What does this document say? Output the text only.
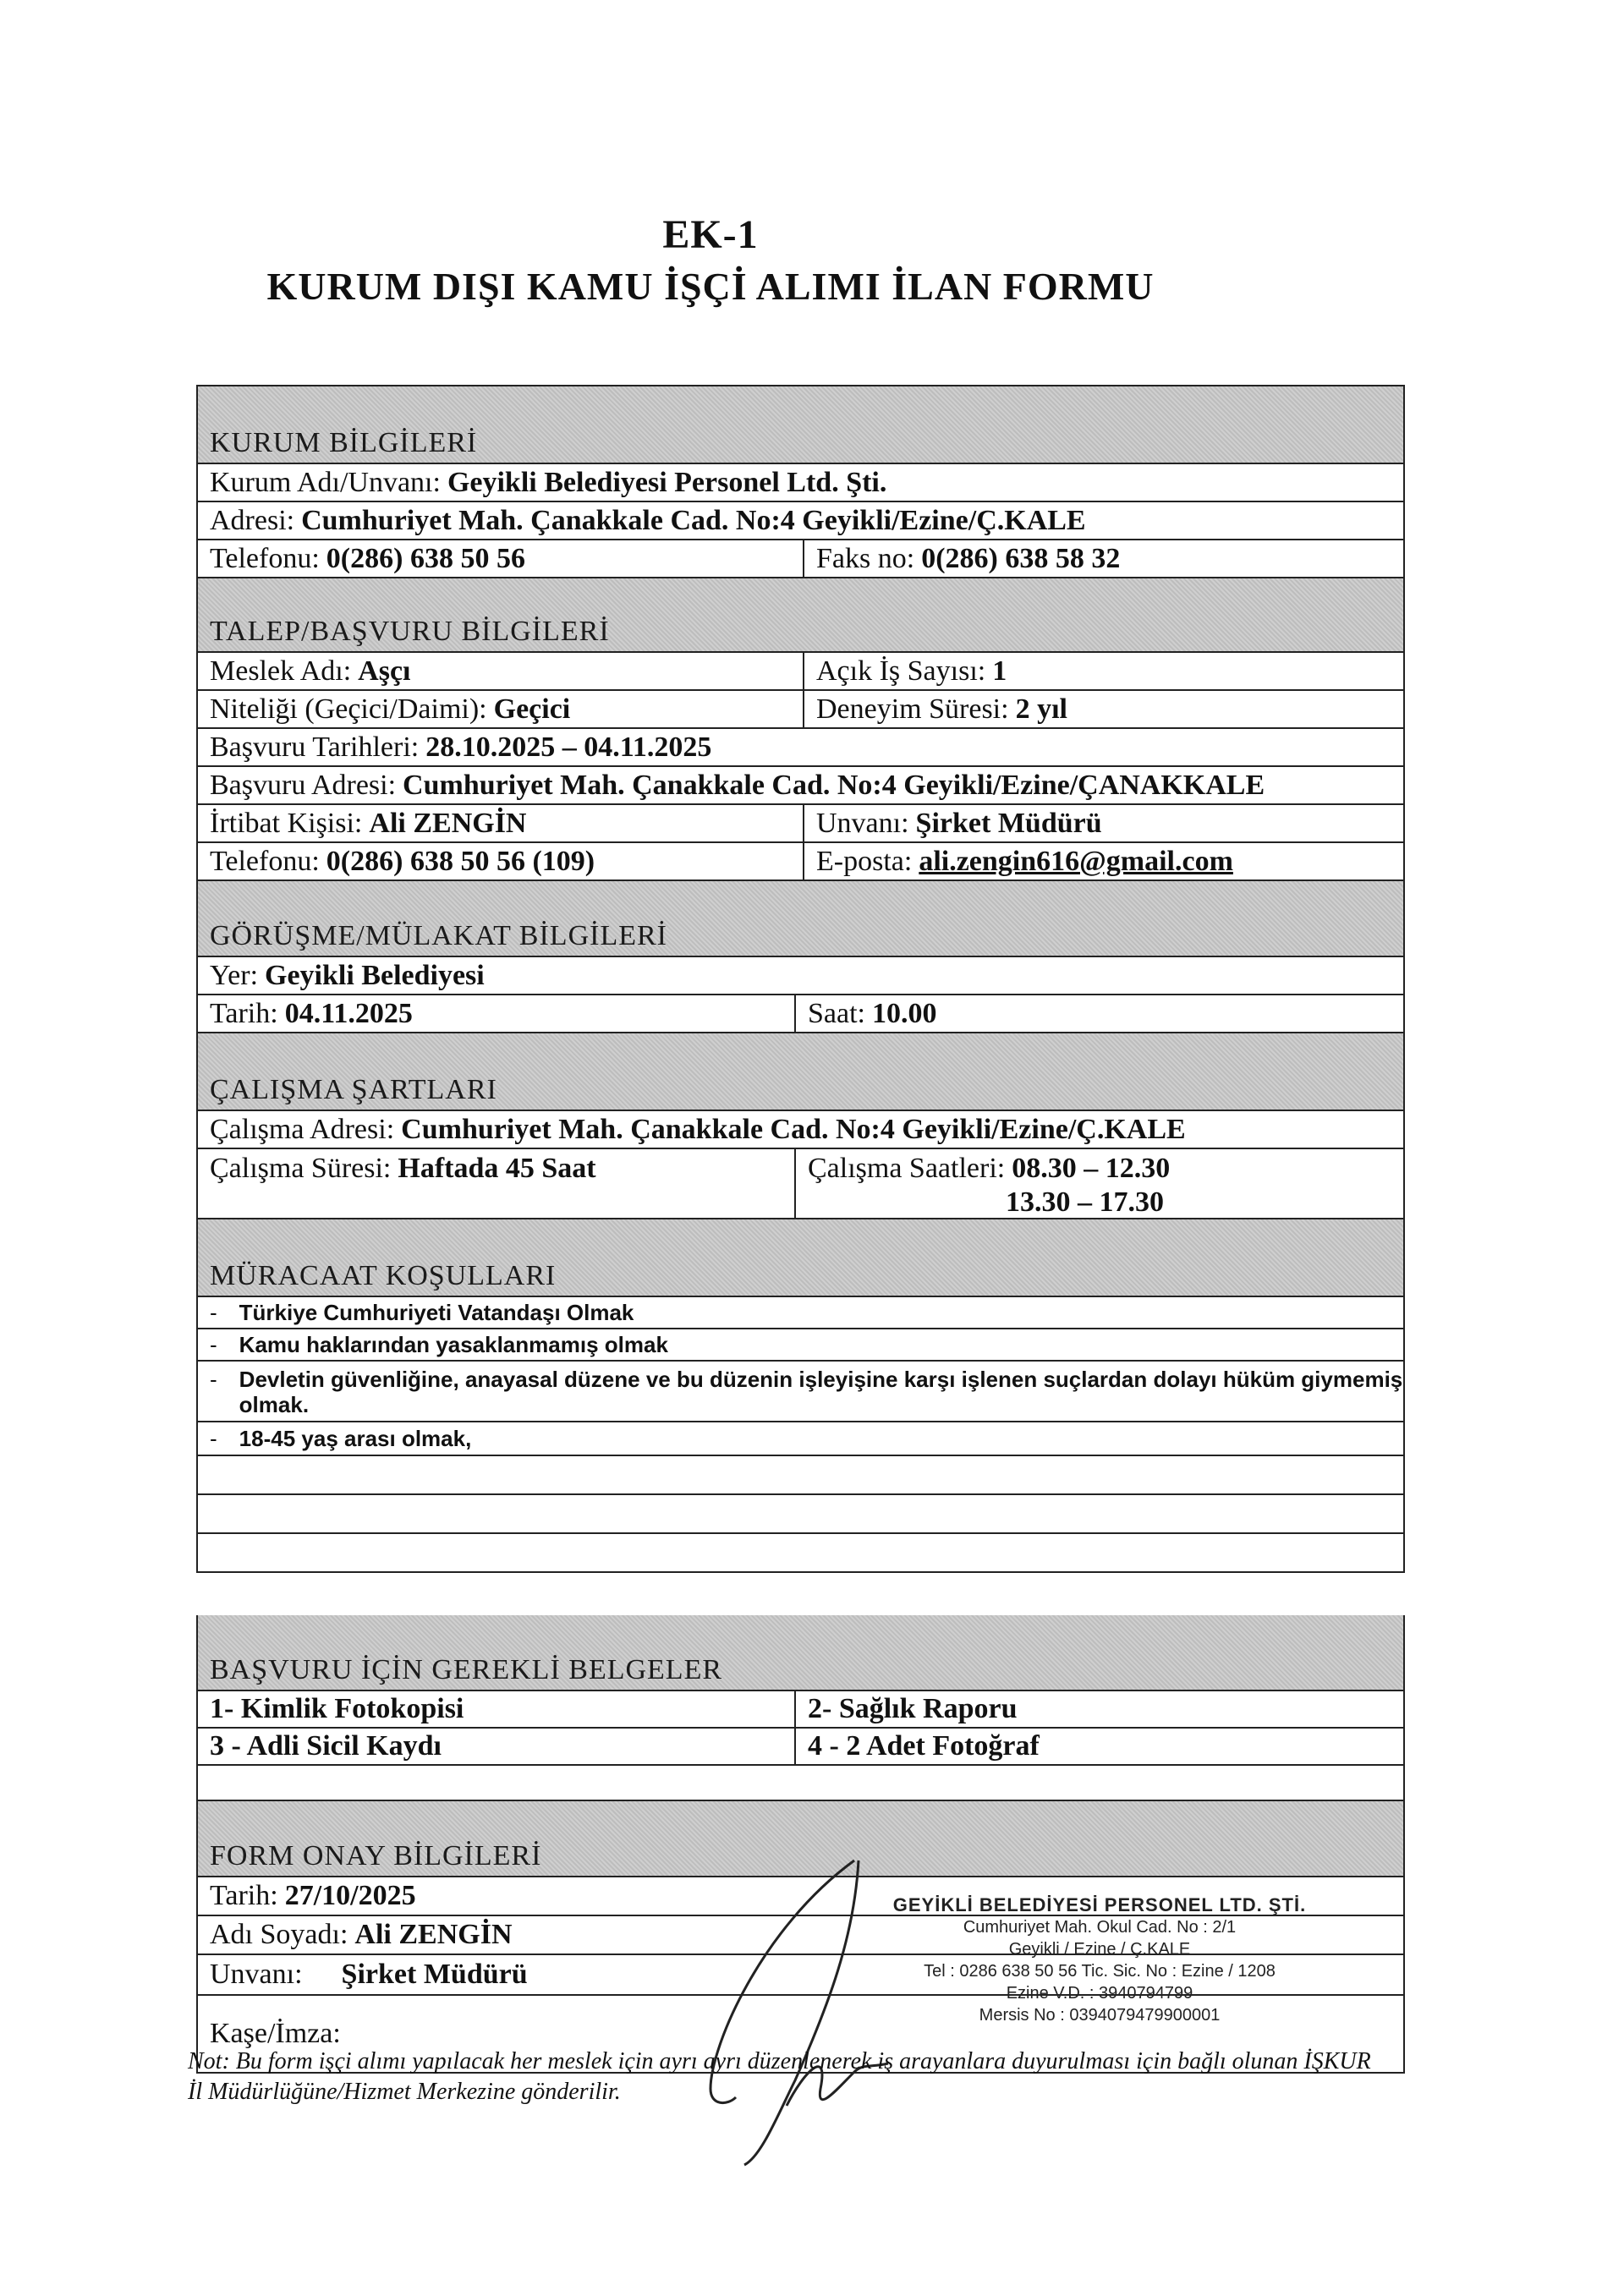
EK-1
KURUM DIŞI KAMU İŞÇİ ALIMI İLAN FORMU
KURUM BİLGİLERİ
Kurum Adı/Unvanı: Geyikli Belediyesi Personel Ltd. Şti.
Adresi: Cumhuriyet Mah. Çanakkale Cad. No:4 Geyikli/Ezine/Ç.KALE
Telefonu: 0(286) 638 50 56	Faks no: 0(286) 638 58 32
TALEP/BAŞVURU BİLGİLERİ
Meslek Adı: Aşçı	Açık İş Sayısı: 1
Niteliği (Geçici/Daimi): Geçici	Deneyim Süresi: 2 yıl
Başvuru Tarihleri: 28.10.2025 – 04.11.2025
Başvuru Adresi: Cumhuriyet Mah. Çanakkale Cad. No:4 Geyikli/Ezine/ÇANAKKALE
İrtibat Kişisi: Ali ZENGİN	Unvanı: Şirket Müdürü
Telefonu: 0(286) 638 50 56 (109)	E-posta: ali.zengin616@gmail.com
GÖRÜŞME/MÜLAKAT BİLGİLERİ
Yer: Geyikli Belediyesi
Tarih: 04.11.2025	Saat: 10.00
ÇALIŞMA ŞARTLARI
Çalışma Adresi: Cumhuriyet Mah. Çanakkale Cad. No:4 Geyikli/Ezine/Ç.KALE
Çalışma Süresi: Haftada 45 Saat	Çalışma Saatleri: 08.30 – 12.30
13.30 – 17.30
MÜRACAAT KOŞULLARI
- Türkiye Cumhuriyeti Vatandaşı Olmak
- Kamu haklarından yasaklanmamış olmak
- Devletin güvenliğine, anayasal düzene ve bu düzenin işleyişine karşı işlenen suçlardan dolayı hüküm giymemiş olmak.
- 18-45 yaş arası olmak,
BAŞVURU İÇİN GEREKLİ BELGELER
1- Kimlik Fotokopisi	2- Sağlık Raporu
3 - Adli Sicil Kaydı	4 - 2 Adet Fotoğraf
FORM ONAY BİLGİLERİ
Tarih: 27/10/2025
Adı Soyadı: Ali ZENGİN
Unvanı: Şirket Müdürü
Kaşe/İmza:
GEYİKLİ BELEDİYESİ PERSONEL LTD. ŞTİ.
Cumhuriyet Mah. Okul Cad. No : 2/1
Geyikli / Ezine / Ç.KALE
Tel : 0286 638 50 56 Tic. Sic. No : Ezine / 1208
Ezine V.D. : 3940794799
Mersis No : 0394079479900001
Not: Bu form işçi alımı yapılacak her meslek için ayrı ayrı düzenlenerek iş arayanlara duyurulması için bağlı olunan İŞKUR İl Müdürlüğüne/Hizmet Merkezine gönderilir.
